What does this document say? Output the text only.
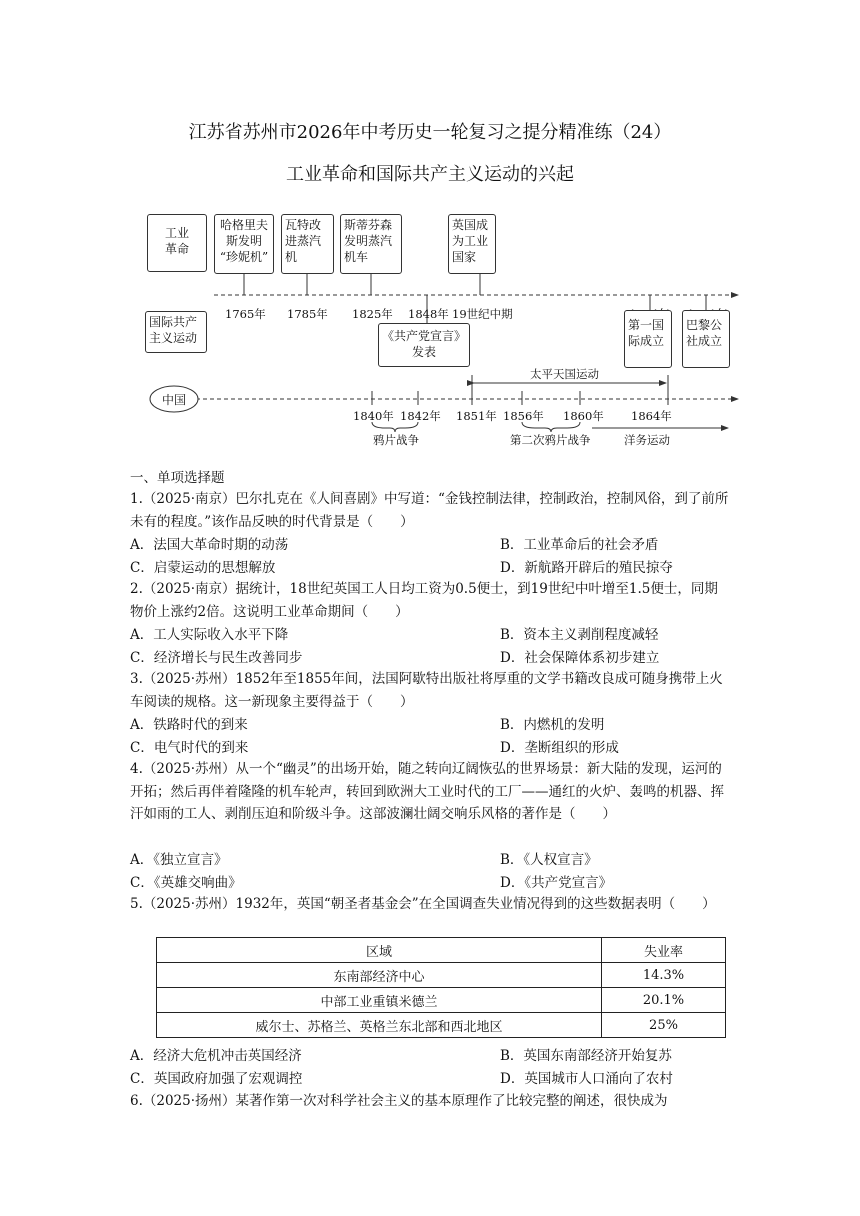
江苏省苏州市2026年中考历史一轮复习之提分精准练（24）
工业革命和国际共产主义运动的兴起
工业
革命
哈格里夫
斯发明
“珍妮机”
瓦特改
进蒸汽
机
斯蒂芬森
发明蒸汽
机车
英国成
为工业
国家
1765年 1785年 1825年 1848年 19世纪中期
国际共产
主义运动	《共产党宣言》
发表
第一国
际成立
巴黎公
社成立
中国
太平天国运动
1840年 1842年 1851年 1856年 1860年 1864年
鸦片战争	第二次鸦片战争	洋务运动
一、单项选择题
1.（2025·南京）巴尔扎克在《人间喜剧》中写道：“金钱控制法律，控制政治，控制风俗，到了前所未有的程度。”该作品反映的时代背景是（　　）
A．法国大革命时期的动荡	B．工业革命后的社会矛盾
C．启蒙运动的思想解放	D．新航路开辟后的殖民掠夺
2.（2025·南京）据统计，18世纪英国工人日均工资为0.5便士，到19世纪中叶增至1.5便士，同期物价上涨约2倍。这说明工业革命期间（　　）
A．工人实际收入水平下降	B．资本主义剥削程度减轻
C．经济增长与民生改善同步	D．社会保障体系初步建立
3.（2025·苏州）1852年至1855年间，法国阿歇特出版社将厚重的文学书籍改良成可随身携带上火车阅读的规格。这一新现象主要得益于（　　）
A．铁路时代的到来	B．内燃机的发明
C．电气时代的到来	D．垄断组织的形成
4.（2025·苏州）从一个“幽灵”的出场开始，随之转向辽阔恢弘的世界场景：新大陆的发现，运河的开拓；然后再伴着隆隆的机车轮声，转回到欧洲大工业时代的工厂——通红的火炉、轰鸣的机器、挥汗如雨的工人、剥削压迫和阶级斗争。这部波澜壮阔交响乐风格的著作是（　　）
A．《独立宣言》	B．《人权宣言》
C．《英雄交响曲》	D．《共产党宣言》
5.（2025·苏州）1932年，英国“朝圣者基金会”在全国调查失业情况得到的这些数据表明（　　）
区域	失业率
东南部经济中心	14.3%
中部工业重镇米德兰	20.1%
威尔士、苏格兰、英格兰东北部和西北地区	25%
A．经济大危机冲击英国经济	B．英国东南部经济开始复苏
C．英国政府加强了宏观调控	D．英国城市人口涌向了农村
6.（2025·扬州）某著作第一次对科学社会主义的基本原理作了比较完整的阐述，很快成为
